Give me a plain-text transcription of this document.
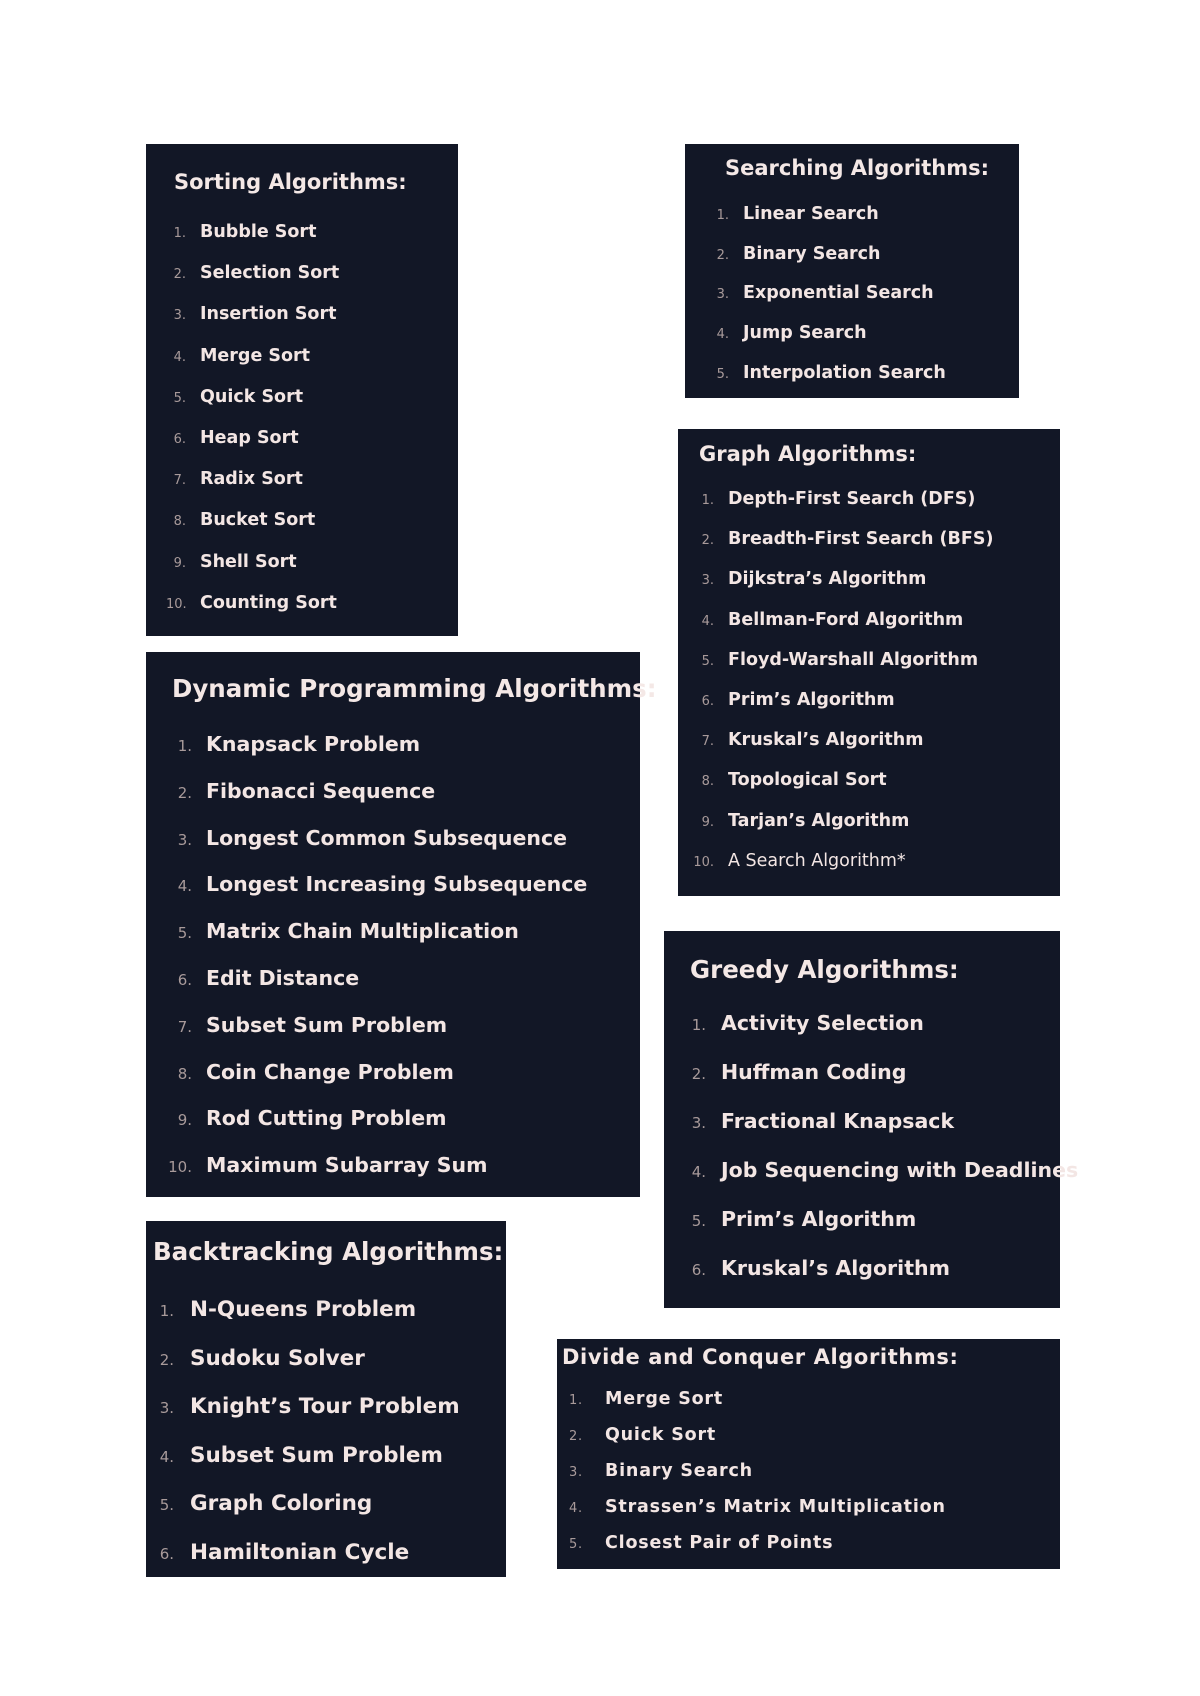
Sorting Algorithms:
1. Bubble Sort
2. Selection Sort
3. Insertion Sort
4. Merge Sort
5. Quick Sort
6. Heap Sort
7. Radix Sort
8. Bucket Sort
9. Shell Sort
10. Counting Sort
Searching Algorithms:
1. Linear Search
2. Binary Search
3. Exponential Search
4. Jump Search
5. Interpolation Search
Graph Algorithms:
1. Depth-First Search (DFS)
2. Breadth-First Search (BFS)
3. Dijkstra’s Algorithm
4. Bellman-Ford Algorithm
5. Floyd-Warshall Algorithm
6. Prim’s Algorithm
7. Kruskal’s Algorithm
8. Topological Sort
9. Tarjan’s Algorithm
10. A Search Algorithm*
Dynamic Programming Algorithms:
1. Knapsack Problem
2. Fibonacci Sequence
3. Longest Common Subsequence
4. Longest Increasing Subsequence
5. Matrix Chain Multiplication
6. Edit Distance
7. Subset Sum Problem
8. Coin Change Problem
9. Rod Cutting Problem
10. Maximum Subarray Sum
Greedy Algorithms:
1. Activity Selection
2. Huffman Coding
3. Fractional Knapsack
4. Job Sequencing with Deadlines
5. Prim’s Algorithm
6. Kruskal’s Algorithm
Backtracking Algorithms:
1. N-Queens Problem
2. Sudoku Solver
3. Knight’s Tour Problem
4. Subset Sum Problem
5. Graph Coloring
6. Hamiltonian Cycle
Divide and Conquer Algorithms:
1. Merge Sort
2. Quick Sort
3. Binary Search
4. Strassen’s Matrix Multiplication
5. Closest Pair of Points
